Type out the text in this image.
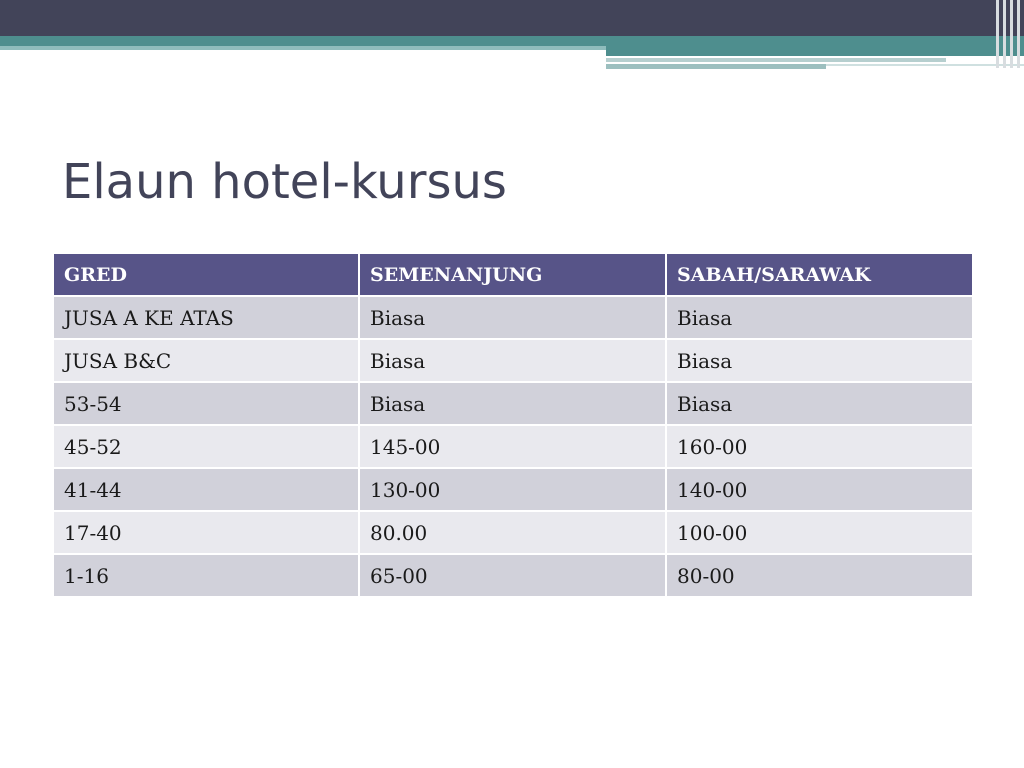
Elaun hotel-kursus
GRED	SEMENANJUNG	SABAH/SARAWAK
JUSA A KE ATAS	Biasa	Biasa
JUSA B&C	Biasa	Biasa
53-54	Biasa	Biasa
45-52	145-00	160-00
41-44	130-00	140-00
17-40	80.00	100-00
1-16	65-00	80-00
